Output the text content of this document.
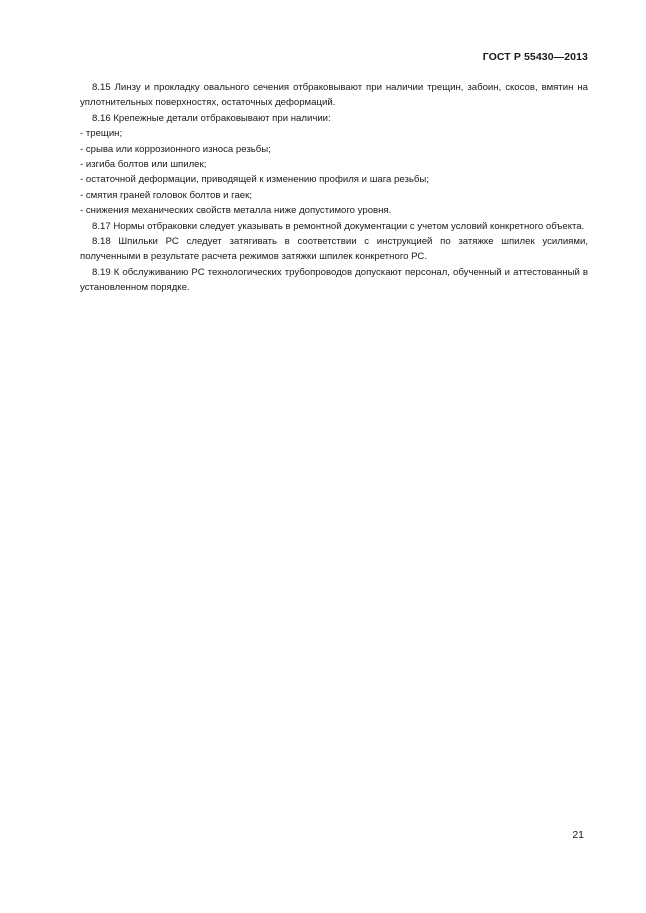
ГОСТ Р 55430—2013

8.15 Линзу и прокладку овального сечения отбраковывают при наличии трещин, забоин, скосов, вмятин на уплотнительных поверхностях, остаточных деформаций.

8.16 Крепежные детали отбраковывают при наличии:

- трещин;

- срыва или коррозионного износа резьбы;

- изгиба болтов или шпилек;

- остаточной деформации, приводящей к изменению профиля и шага резьбы;

- смятия граней головок болтов и гаек;

- снижения механических свойств металла ниже допустимого уровня.

8.17 Нормы отбраковки следует указывать в ремонтной документации с учетом условий конкретного объекта.

8.18 Шпильки РС следует затягивать в соответствии с инструкцией по затяжке шпилек усилиями, полученными в результате расчета режимов затяжки шпилек конкретного РС.

8.19 К обслуживанию РС технологических трубопроводов допускают персонал, обученный и аттестованный в установленном порядке.

21
